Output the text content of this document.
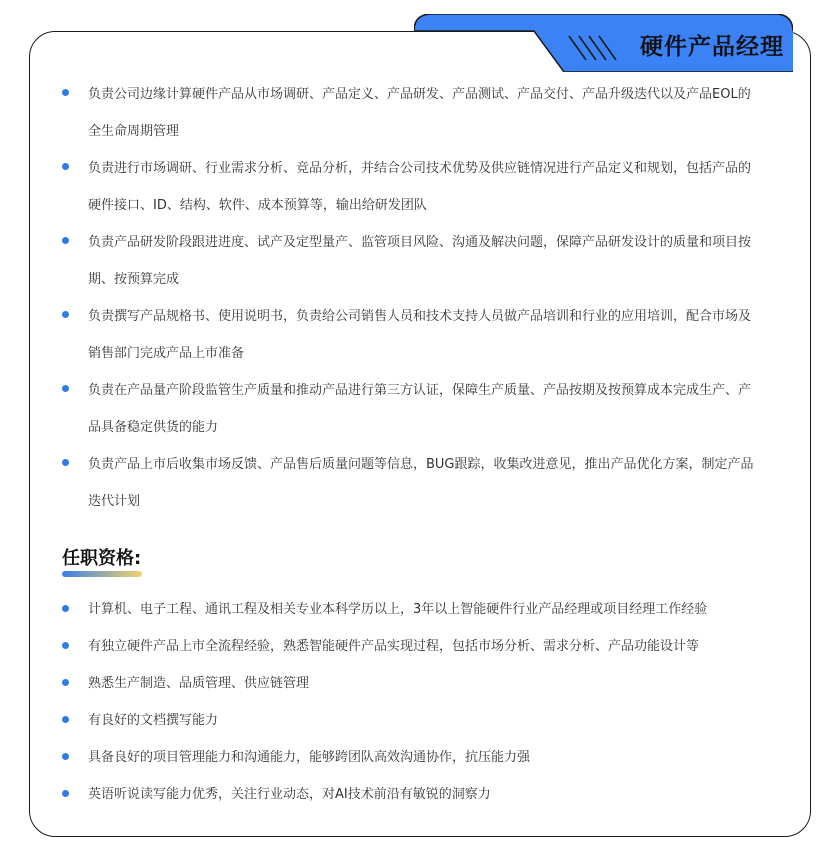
硬件产品经理
负责公司边缘计算硬件产品从市场调研、产品定义、产品研发、产品测试、产品交付、产品升级迭代以及产品EOL的全生命周期管理
负责进行市场调研、行业需求分析、竞品分析，并结合公司技术优势及供应链情况进行产品定义和规划，包括产品的硬件接口、ID、结构、软件、成本预算等，输出给研发团队
负责产品研发阶段跟进进度、试产及定型量产、监管项目风险、沟通及解决问题，保障产品研发设计的质量和项目按期、按预算完成
负责撰写产品规格书、使用说明书，负责给公司销售人员和技术支持人员做产品培训和行业的应用培训，配合市场及销售部门完成产品上市准备
负责在产品量产阶段监管生产质量和推动产品进行第三方认证，保障生产质量、产品按期及按预算成本完成生产、产品具备稳定供货的能力
负责产品上市后收集市场反馈、产品售后质量问题等信息，BUG跟踪，收集改进意见，推出产品优化方案，制定产品迭代计划
任职资格:
计算机、电子工程、通讯工程及相关专业本科学历以上，3年以上智能硬件行业产品经理或项目经理工作经验
有独立硬件产品上市全流程经验，熟悉智能硬件产品实现过程，包括市场分析、需求分析、产品功能设计等
熟悉生产制造、品质管理、供应链管理
有良好的文档撰写能力
具备良好的项目管理能力和沟通能力，能够跨团队高效沟通协作，抗压能力强
英语听说读写能力优秀，关注行业动态，对AI技术前沿有敏锐的洞察力
